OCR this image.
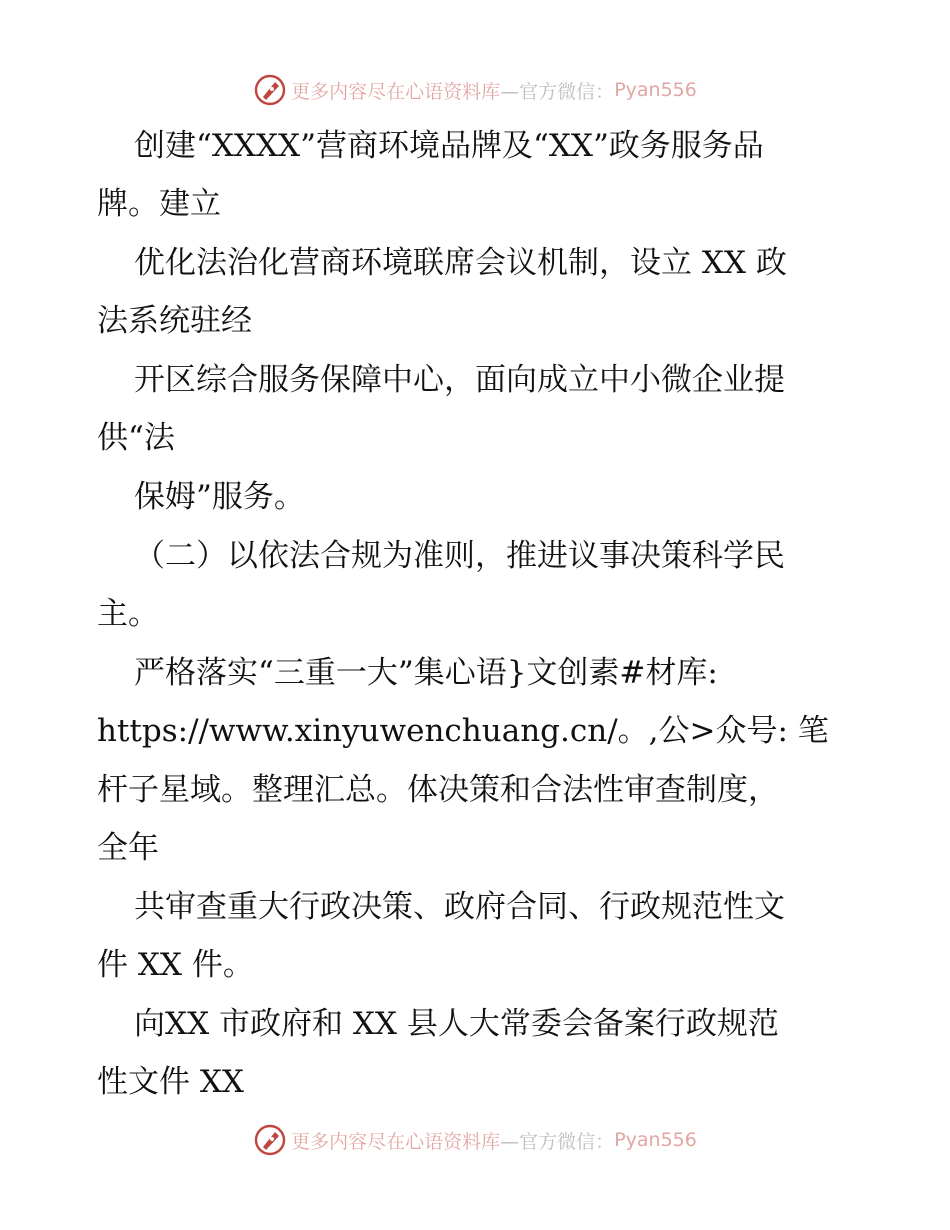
更多内容尽在心语资料库 —官方微信： Pyan556
创建“XXXX”营商环境品牌及“XX”政务服务品
牌。建立
优化法治化营商环境联席会议机制，设立 XX 政
法系统驻经
开区综合服务保障中心，面向成立中小微企业提
供“法
保姆”服务。
（二）以依法合规为准则，推进议事决策科学民
主。
严格落实“三重一大”集心语}文创素#材库:
https://www.xinyuwenchuang.cn/。,公>众号: 笔
杆子星域。整理汇总。体决策和合法性审查制度，
全年
共审查重大行政决策、政府合同、行政规范性文
件 XX 件。
向XX 市政府和 XX 县人大常委会备案行政规范
性文件 XX
更多内容尽在心语资料库 —官方微信： Pyan556
